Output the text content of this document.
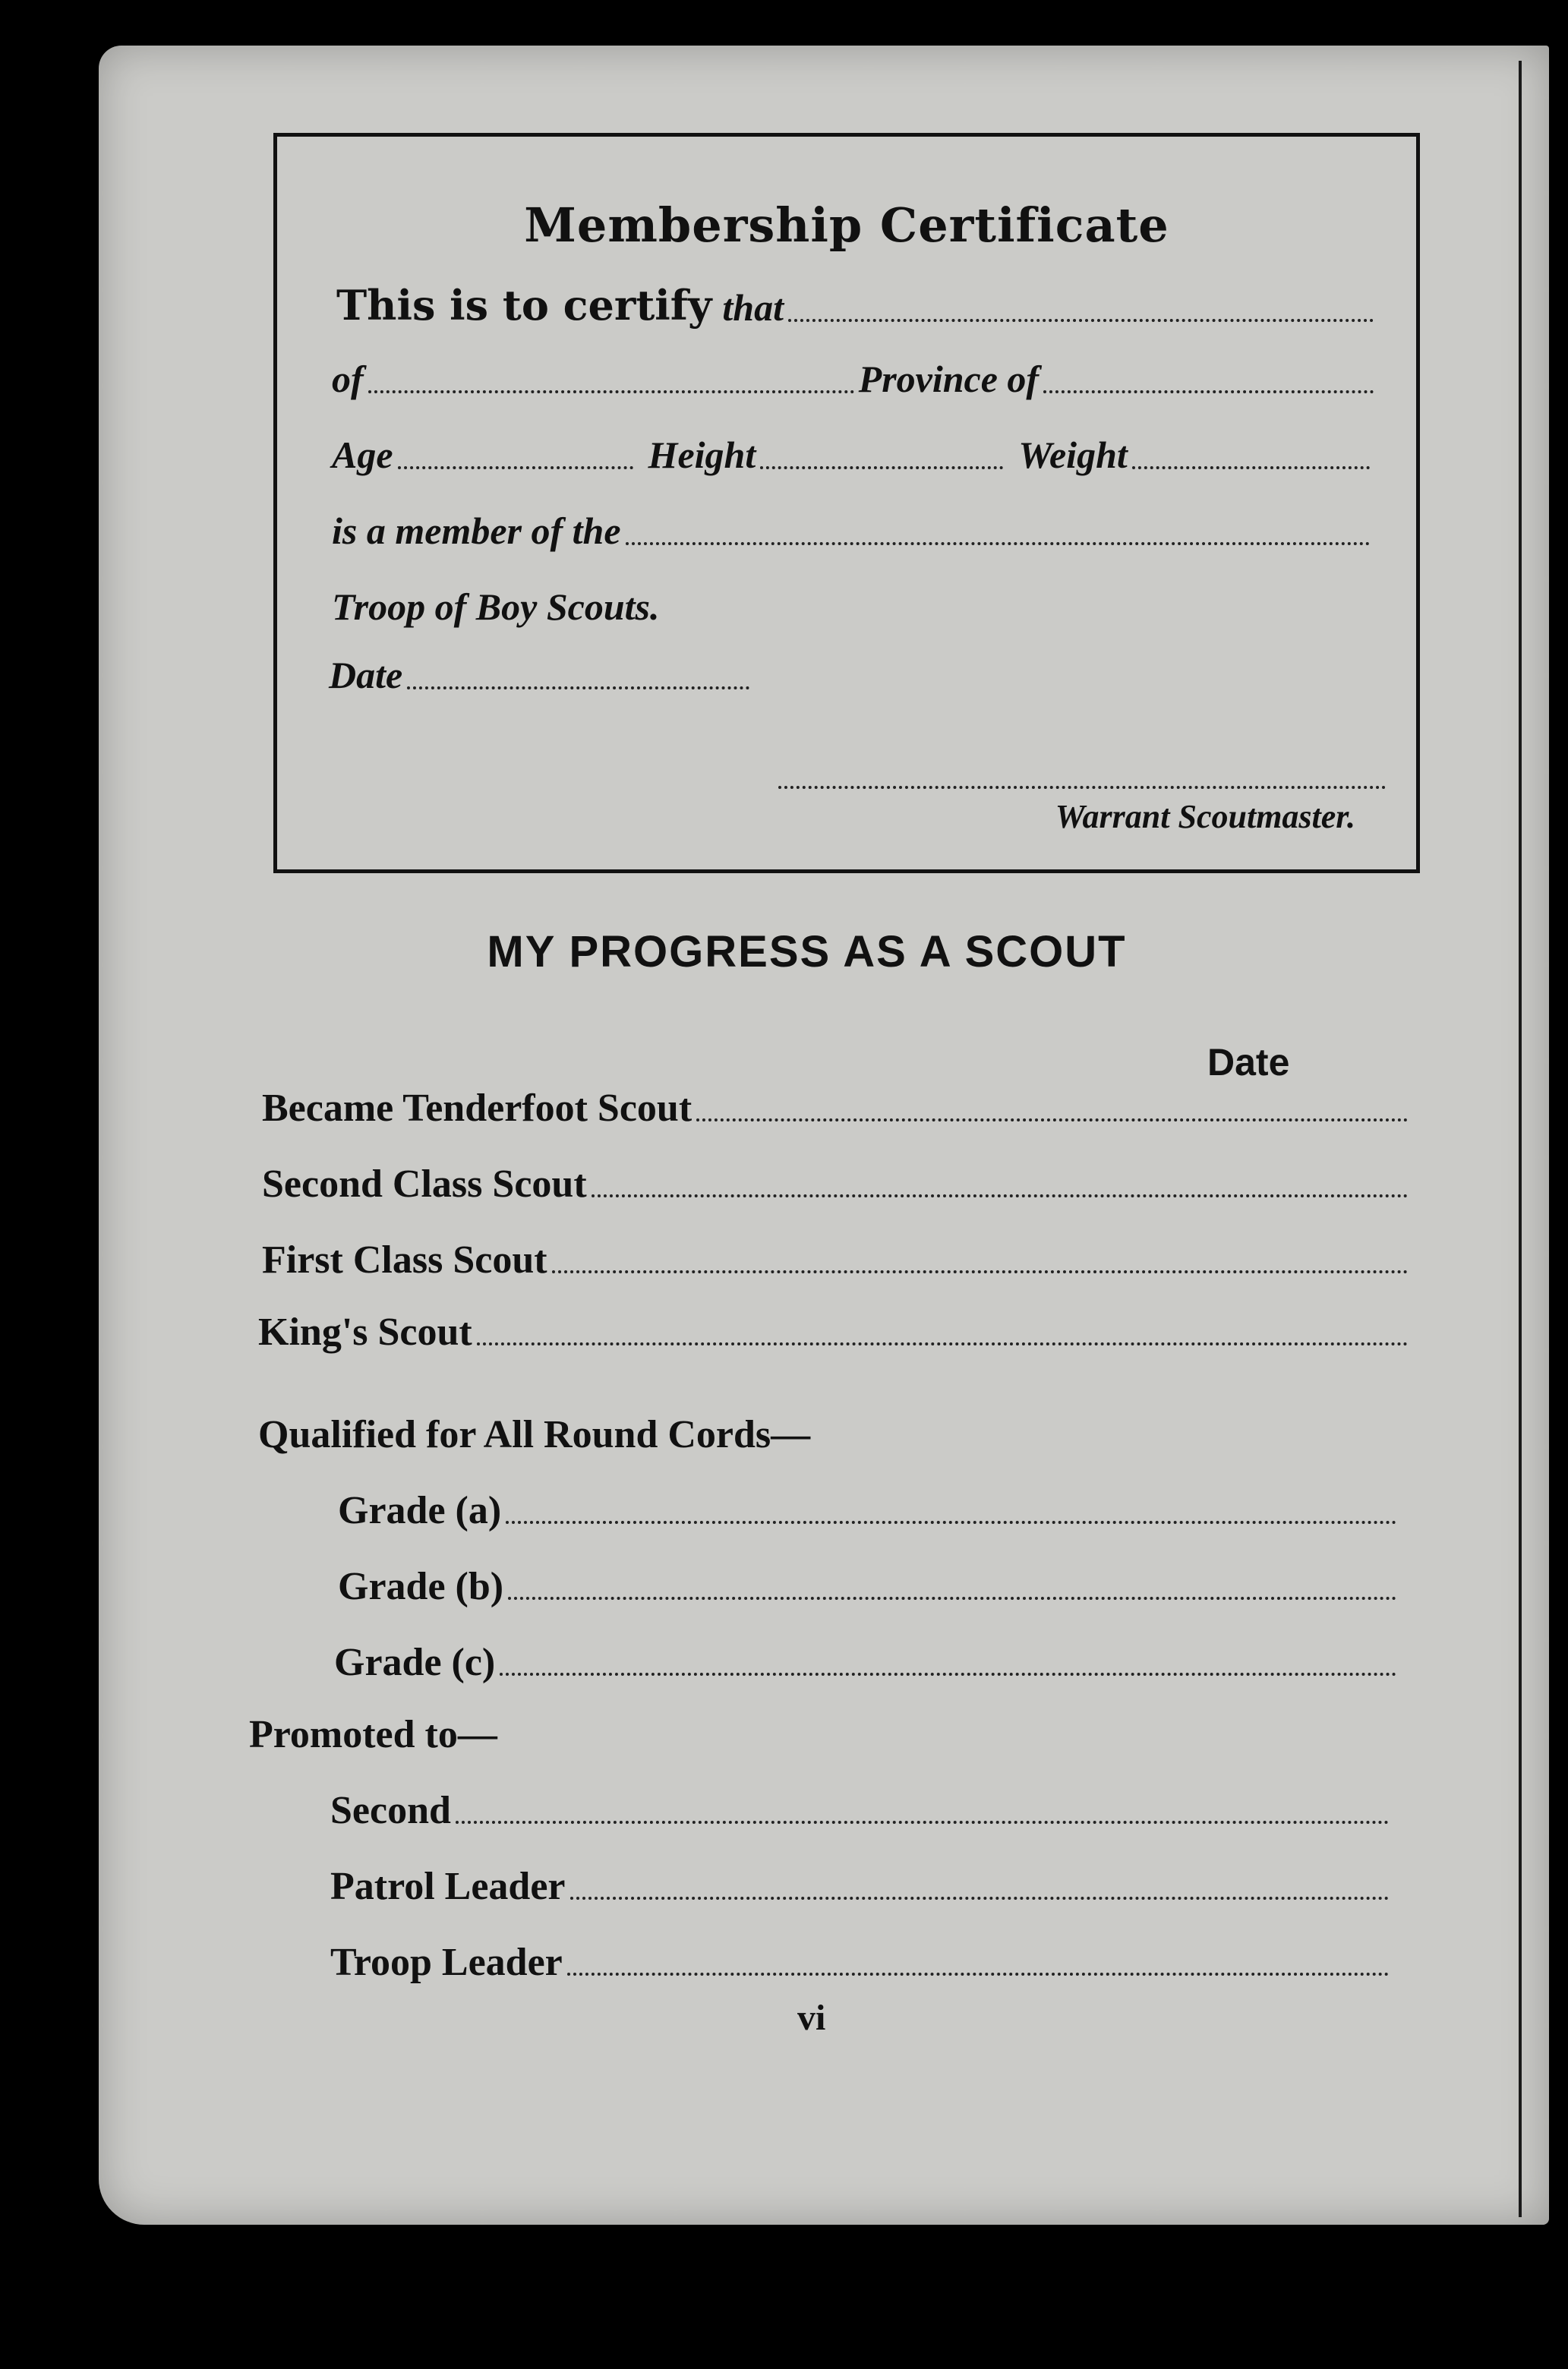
Membership Certificate
This is to certify that
of	Province of
Age	Height	Weight
is a member of the
Troop of Boy Scouts.
Date
Warrant Scoutmaster.
MY PROGRESS AS A SCOUT
Date
Became Tenderfoot Scout
Second Class Scout
First Class Scout
King's Scout
Qualified for All Round Cords—
Grade (a)
Grade (b)
Grade (c)
Promoted to—
Second
Patrol Leader
Troop Leader
vi
